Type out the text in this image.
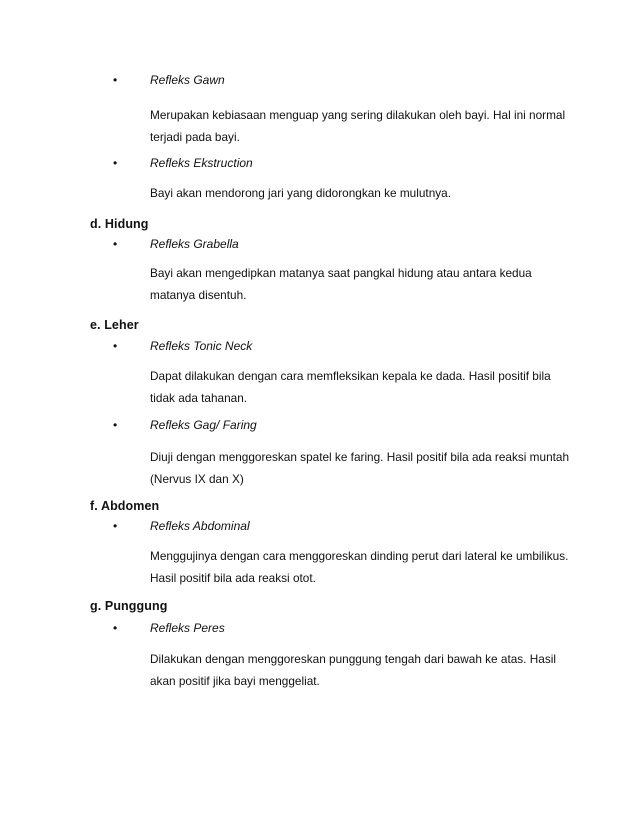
•	Refleks Gawn
Merupakan kebiasaan menguap yang sering dilakukan oleh bayi. Hal ini normal
terjadi pada bayi.
•	Refleks Ekstruction
Bayi akan mendorong jari yang didorongkan ke mulutnya.
d. Hidung
•	Refleks Grabella
Bayi akan mengedipkan matanya saat pangkal hidung atau antara kedua
matanya disentuh.
e. Leher
•	Refleks Tonic Neck
Dapat dilakukan dengan cara memfleksikan kepala ke dada. Hasil positif bila
tidak ada tahanan.
•	Refleks Gag/ Faring
Diuji dengan menggoreskan spatel ke faring. Hasil positif bila ada reaksi muntah
(Nervus IX dan X)
f. Abdomen
•	Refleks Abdominal
Menggujinya dengan cara menggoreskan dinding perut dari lateral ke umbilikus.
Hasil positif bila ada reaksi otot.
g. Punggung
•	Refleks Peres
Dilakukan dengan menggoreskan punggung tengah dari bawah ke atas. Hasil
akan positif jika bayi menggeliat.
